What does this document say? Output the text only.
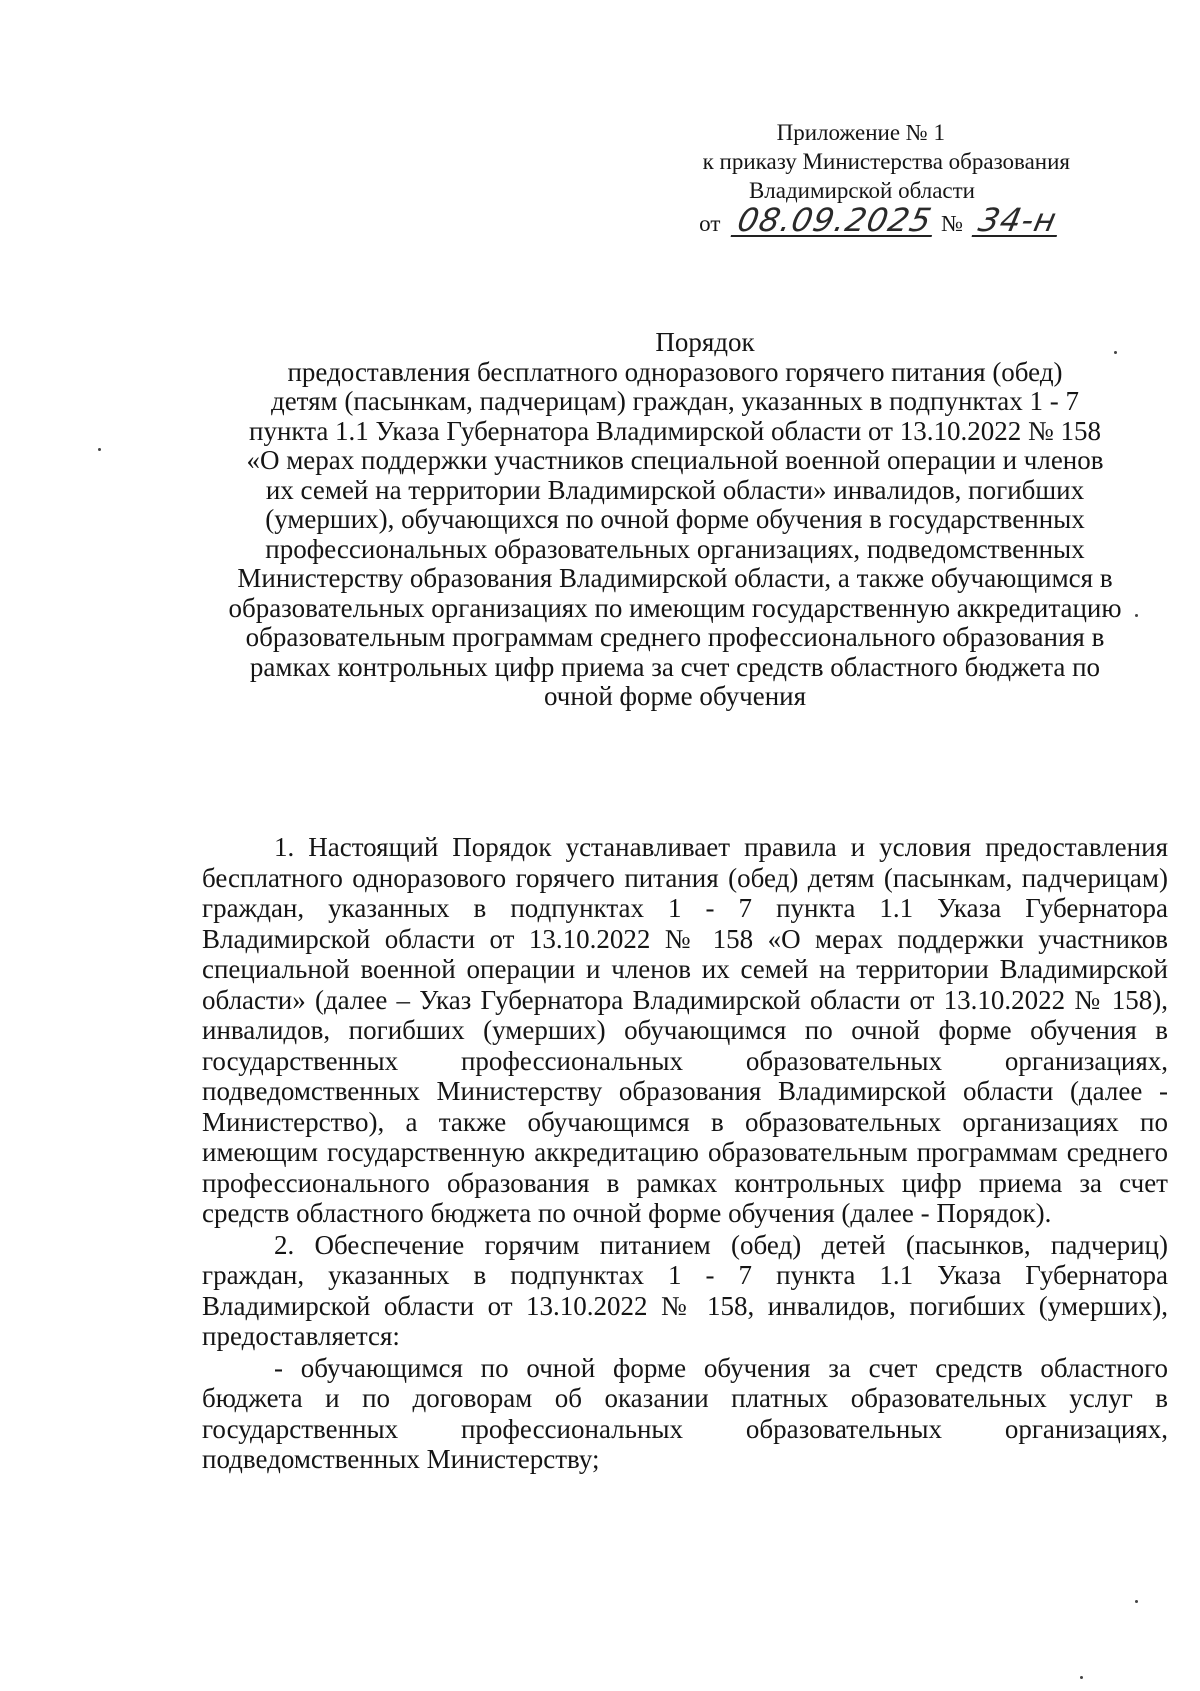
Приложение № 1
к приказу Министерства образования
Владимирской области
от 08.09.2025 № 34-н
Порядок
предоставления бесплатного одноразового горячего питания (обед)
детям (пасынкам, падчерицам) граждан, указанных в подпунктах 1 - 7
пункта 1.1 Указа Губернатора Владимирской области от 13.10.2022 № 158
«О мерах поддержки участников специальной военной операции и членов
их семей на территории Владимирской области» инвалидов, погибших
(умерших), обучающихся по очной форме обучения в государственных
профессиональных образовательных организациях, подведомственных
Министерству образования Владимирской области, а также обучающимся в
образовательных организациях по имеющим государственную аккредитацию
образовательным программам среднего профессионального образования в
рамках контрольных цифр приема за счет средств областного бюджета по
очной форме обучения

1. Настоящий Порядок устанавливает правила и условия предоставления бесплатного одноразового горячего питания (обед) детям (пасынкам, падчерицам) граждан, указанных в подпунктах 1 - 7 пункта 1.1 Указа Губернатора Владимирской области от 13.10.2022 № 158 «О мерах поддержки участников специальной военной операции и членов их семей на территории Владимирской области» (далее – Указ Губернатора Владимирской области от 13.10.2022 № 158), инвалидов, погибших (умерших) обучающимся по очной форме обучения в государственных профессиональных образовательных организациях, подведомственных Министерству образования Владимирской области (далее - Министерство), а также обучающимся в образовательных организациях по имеющим государственную аккредитацию образовательным программам среднего профессионального образования в рамках контрольных цифр приема за счет средств областного бюджета по очной форме обучения (далее - Порядок).

2. Обеспечение горячим питанием (обед) детей (пасынков, падчериц) граждан, указанных в подпунктах 1 - 7 пункта 1.1 Указа Губернатора Владимирской области от 13.10.2022 № 158, инвалидов, погибших (умерших), предоставляется:

- обучающимся по очной форме обучения за счет средств областного бюджета и по договорам об оказании платных образовательных услуг в государственных профессиональных образовательных организациях, подведомственных Министерству;
